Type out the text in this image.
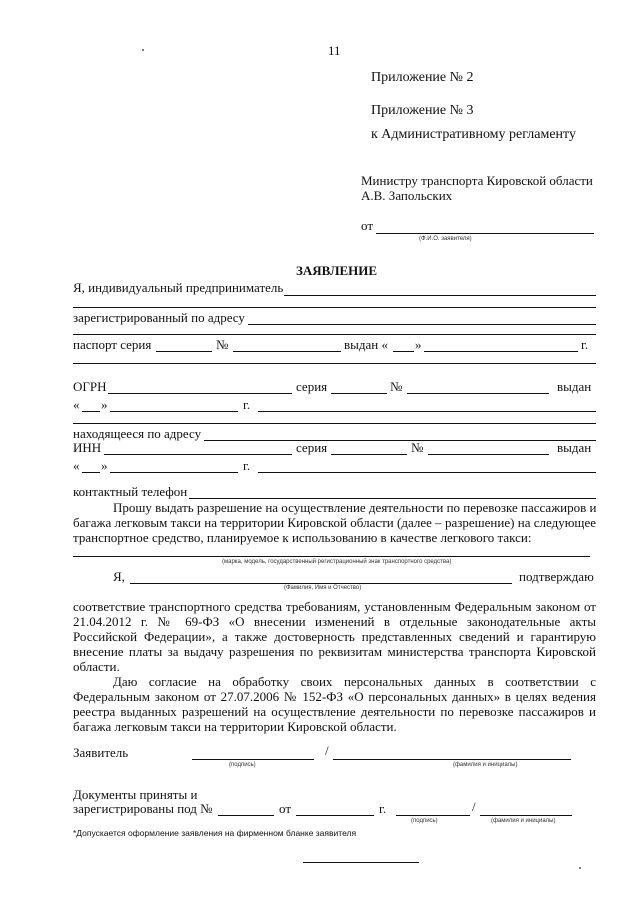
11
Приложение № 2
Приложение № 3
к Административному регламенту
Министру транспорта Кировской области
А.В. Запольских
от
(Ф.И.О. заявителя)
ЗАЯВЛЕНИЕ
Я, индивидуальный предприниматель
зарегистрированный по адресу
паспорт серия	№	выдан « »	г.
ОГРН	серия	№	выдан
« »	г.
находящееся по адресу
ИНН	серия	№	выдан
« »	г.
контактный телефон
Прошу выдать разрешение на осуществление деятельности по перевозке пассажиров и
багажа легковым такси на территории Кировской области (далее – разрешение) на следующее
транспортное средство, планируемое к использованию в качестве легкового такси:
(марка, модель, государственный регистрационный знак транспортного средства)
Я,	подтверждаю
(Фамилия, Имя и Отчество)
соответствие транспортного средства требованиям, установленным Федеральным законом от
21.04.2012 г. № 69-ФЗ «О внесении изменений в отдельные законодательные акты
Российской Федерации», а также достоверность представленных сведений и гарантирую
внесение платы за выдачу разрешения по реквизитам министерства транспорта Кировской
области.
Даю согласие на обработку своих персональных данных в соответствии с
Федеральным законом от 27.07.2006 № 152-ФЗ «О персональных данных» в целях ведения
реестра выданных разрешений на осуществление деятельности по перевозке пассажиров и
багажа легковым такси на территории Кировской области.
Заявитель	/
(подпись)	(фамилия и инициалы)
Документы приняты и
зарегистрированы под №	от	г.	/
(подпись)	(фамилия и инициалы)
*Допускается оформление заявления на фирменном бланке заявителя
